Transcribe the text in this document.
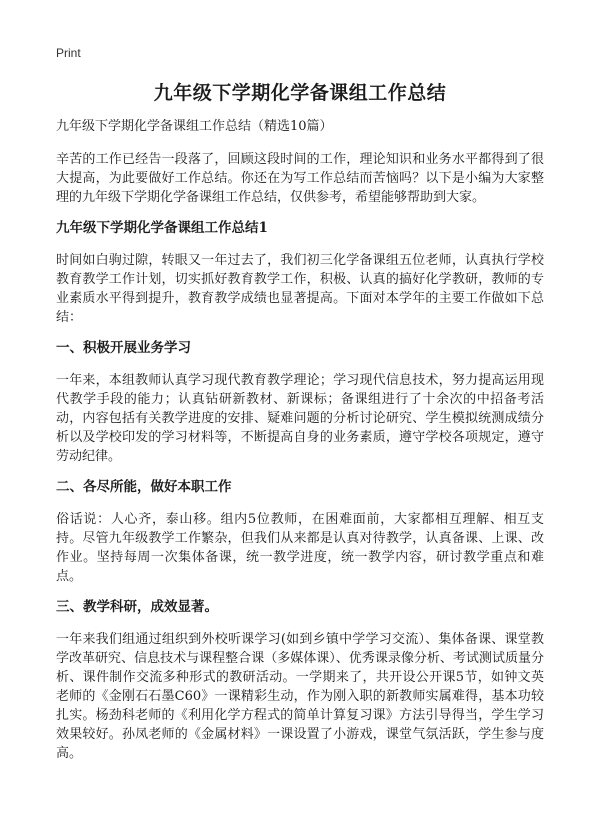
Print
九年级下学期化学备课组工作总结

九年级下学期化学备课组工作总结（精选10篇）

辛苦的工作已经告一段落了，回顾这段时间的工作，理论知识和业务水平都得到了很大提高，为此要做好工作总结。你还在为写工作总结而苦恼吗？以下是小编为大家整理的九年级下学期化学备课组工作总结，仅供参考，希望能够帮助到大家。

九年级下学期化学备课组工作总结1

时间如白驹过隙，转眼又一年过去了，我们初三化学备课组五位老师，认真执行学校教育教学工作计划，切实抓好教育教学工作，积极、认真的搞好化学教研，教师的专业素质水平得到提升，教育教学成绩也显著提高。下面对本学年的主要工作做如下总结：

一、积极开展业务学习

一年来，本组教师认真学习现代教育教学理论；学习现代信息技术，努力提高运用现代教学手段的能力；认真钻研新教材、新课标；备课组进行了十余次的中招备考活动，内容包括有关教学进度的安排、疑难问题的分析讨论研究、学生模拟统测成绩分析以及学校印发的学习材料等，不断提高自身的业务素质，遵守学校各项规定，遵守劳动纪律。

二、各尽所能，做好本职工作

俗话说：人心齐，泰山移。组内5位教师，在困难面前，大家都相互理解、相互支持。尽管九年级教学工作繁杂，但我们从来都是认真对待教学，认真备课、上课、改作业。坚持每周一次集体备课，统一教学进度，统一教学内容，研讨教学重点和难点。

三、教学科研，成效显著。

一年来我们组通过组织到外校听课学习(如到乡镇中学学习交流）、集体备课、课堂教学改革研究、信息技术与课程整合课（多媒体课）、优秀课录像分析、考试测试质量分析、课件制作交流多种形式的教研活动。一学期来了，共开设公开课5节，如钟文英老师的《金刚石石墨C60》一课精彩生动，作为刚入职的新教师实属难得，基本功较扎实。杨劲科老师的《利用化学方程式的简单计算复习课》方法引导得当，学生学习效果较好。孙凤老师的《金属材料》一课设置了小游戏，课堂气氛活跃，学生参与度高。
